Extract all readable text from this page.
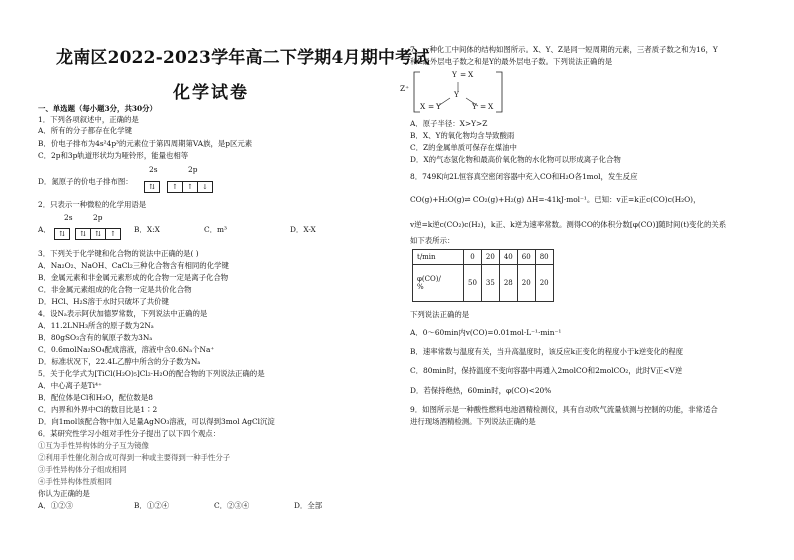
龙南区2022-2023学年高二下学期4月期中考试
化学试卷
一、单选题（每小题3分，共30分）
1．下列各项叙述中，正确的是
A．所有的分子都存在化学键
B．价电子排布为4s²4p³的元素位于第四周期第VA族，是p区元素
C．2p和3p轨道形状均为哑铃形，能量也相等
2s	2p
D．氮原子的价电子排布图：
⇅ ↑ ↑ ↓
2．只表示一种微粒的化学用语是
2s	2p
A．	⇅ ⇅ ⇅ ↑	B．X:X	C．m³	D．X-X
3．下列关于化学键和化合物的说法中正确的是( )
A．Na₂O₂、NaOH、CaCl₂三种化合物含有相同的化学键
B．金属元素和非金属元素形成的化合物一定是离子化合物
C．非金属元素组成的化合物一定是共价化合物
D．HCl、H₂S溶于水时只破坏了共价键
4．设Nₐ表示阿伏加德罗常数，下列说法中正确的是
A．11.2LNH₃所含的原子数为2Nₐ
B．80gSO₃含有的氧原子数为3Nₐ
C．0.6molNa₂SO₄配成溶液，溶液中含0.6Nₐ个Na⁺
D．标准状况下，22.4L乙醇中所含的分子数为Nₐ
5．关于化学式为[TiCl(H₂O)₅]Cl₂·H₂O的配合物的下列说法正确的是
A．中心离子是Ti⁴⁺
B．配位体是Cl和H₂O，配位数是8
C．内界和外界中Cl的数目比是1∶2
D．向1mol该配合物中加入足量AgNO₃溶液，可以得到3mol AgCl沉淀
6．某研究性学习小组对手性分子提出了以下四个观点：
①互为手性异构体的分子互为镜像
②利用手性催化剂合成可得到一种或主要得到一种手性分子
③手性异构体分子组成相同
④手性异构体性质相同
你认为正确的是
A．①②③	B．①②④	C．②③④	D．全部
7．一种化工中间体的结构如图所示。X、Y、Z是同一短周期的元素，三者质子数之和为16，Y
和Z最外层电子数之和是Y的最外层电子数。下列说法正确的是
Z⁺
Y = X
Y
X = Y	Y = X
A．原子半径：X>Y>Z
B．X、Y的氧化物均含导致酸雨
C．Z的金属单质可保存在煤油中
D．X的气态氢化物和最高价氧化物的水化物可以形成离子化合物
8．749K向2L恒容真空密闭容器中充入CO和H₂O各1mol，发生反应
CO(g)+H₂O(g)⇌ CO₂(g)+H₂(g) ΔH=-41kJ·mol⁻¹。已知：v正=k正c(CO)c(H₂O)，
v逆=k逆c(CO₂)c(H₂)，k正、k逆为速率常数。测得CO的体积分数[φ(CO)]随时间(t)变化的关系
如下表所示：
t/min	0	20	40	60	80

φ(CO)/
%	50	35	28	20	20
下列说法正确的是
A．0～60min内v(CO)=0.01mol·L⁻¹·min⁻¹
B．速率常数与温度有关，当升高温度时，该反应k正变化的程度小于k逆变化的程度
C．80min时，保持温度不变向容器中再通入2molCO和2molCO₂，此时V正<V逆
D．若保持绝热，60min时，φ(CO)<20%
9．如图所示是一种酸性燃料电池酒精检测仪，具有自动吹气流量侦测与控制的功能，非常适合
进行现场酒精检测。下列说法正确的是
